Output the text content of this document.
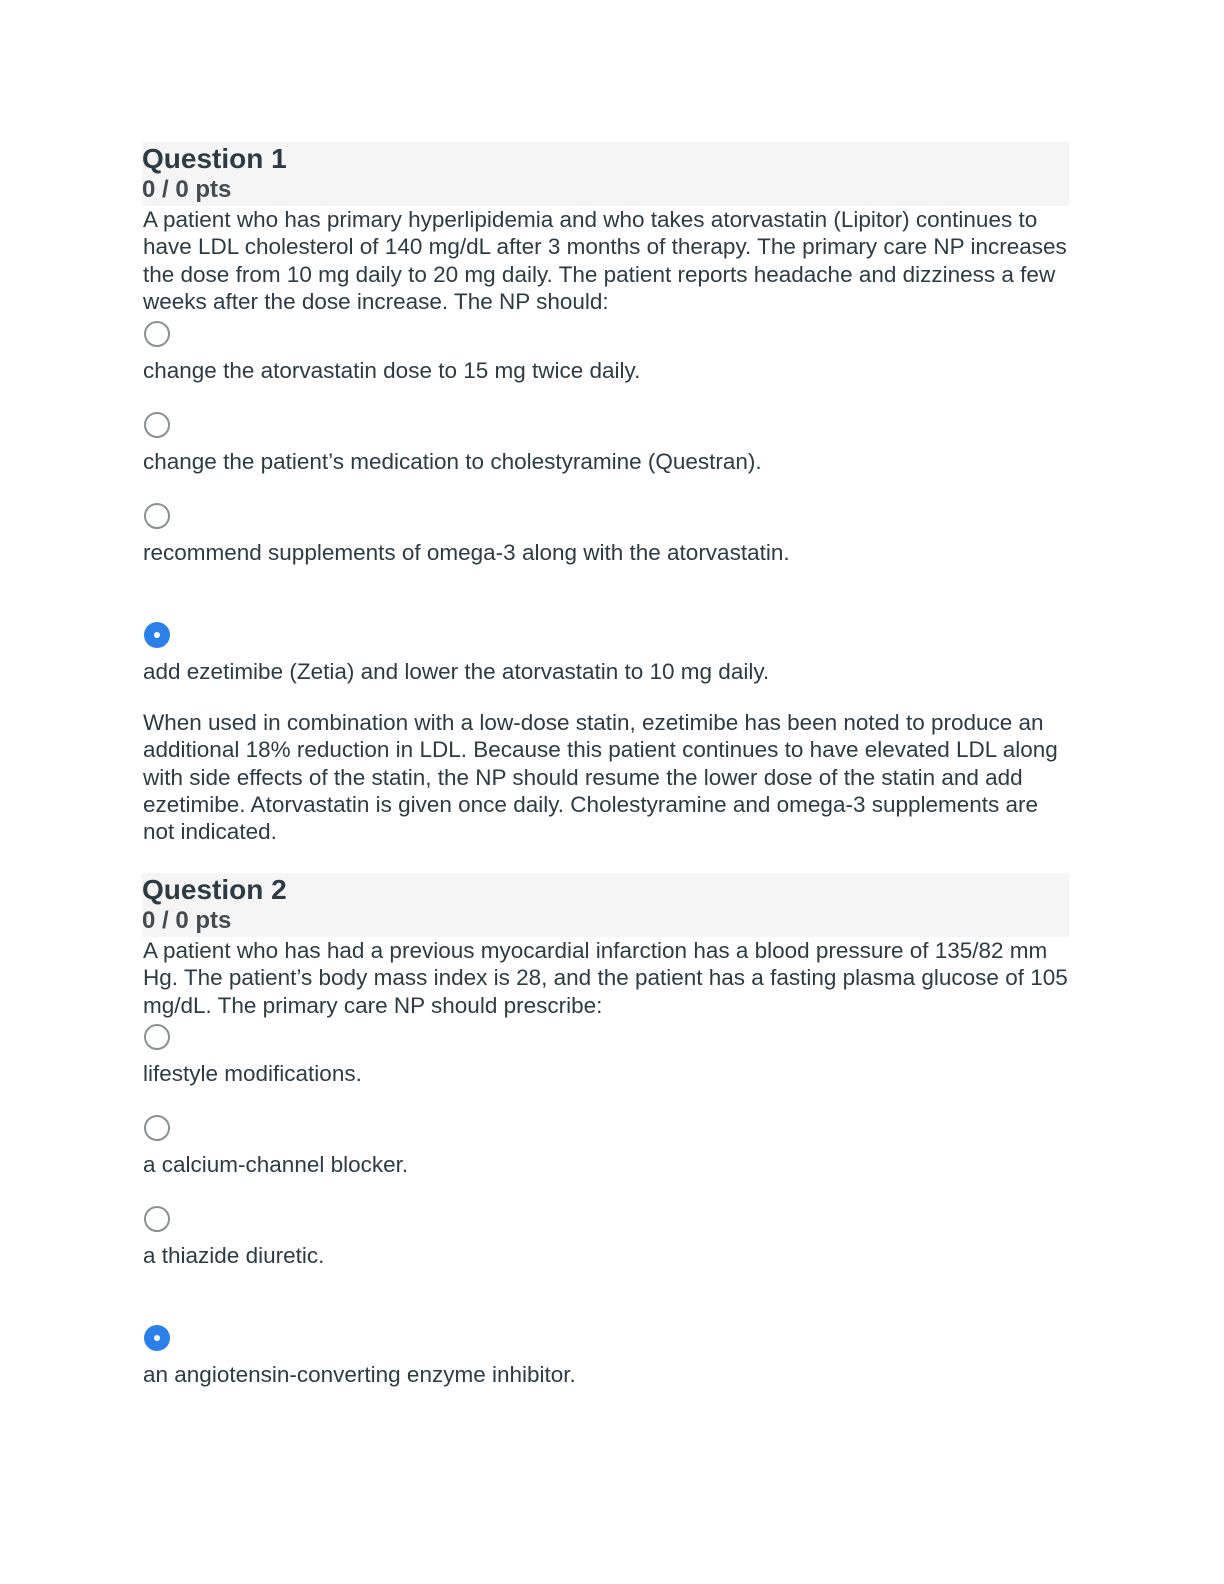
Question 1
0 / 0 pts

A patient who has primary hyperlipidemia and who takes atorvastatin (Lipitor) continues to have LDL cholesterol of 140 mg/dL after 3 months of therapy. The primary care NP increases the dose from 10 mg daily to 20 mg daily. The patient reports headache and dizziness a few weeks after the dose increase. The NP should:

change the atorvastatin dose to 15 mg twice daily.
change the patient’s medication to cholestyramine (Questran).
recommend supplements of omega-3 along with the atorvastatin.
add ezetimibe (Zetia) and lower the atorvastatin to 10 mg daily.

When used in combination with a low-dose statin, ezetimibe has been noted to produce an additional 18% reduction in LDL. Because this patient continues to have elevated LDL along with side effects of the statin, the NP should resume the lower dose of the statin and add ezetimibe. Atorvastatin is given once daily. Cholestyramine and omega-3 supplements are not indicated.

Question 2
0 / 0 pts

A patient who has had a previous myocardial infarction has a blood pressure of 135/82 mm Hg. The patient’s body mass index is 28, and the patient has a fasting plasma glucose of 105 mg/dL. The primary care NP should prescribe:

lifestyle modifications.
a calcium-channel blocker.
a thiazide diuretic.
an angiotensin-converting enzyme inhibitor.
